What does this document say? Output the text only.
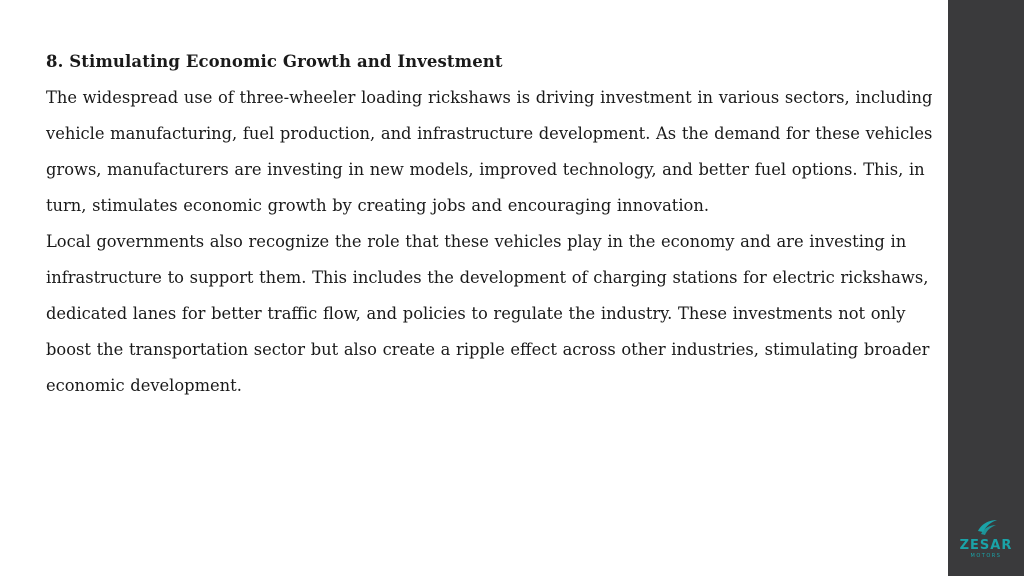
8. Stimulating Economic Growth and Investment

The widespread use of three-wheeler loading rickshaws is driving investment in various sectors, including vehicle manufacturing, fuel production, and infrastructure development. As the demand for these vehicles grows, manufacturers are investing in new models, improved technology, and better fuel options. This, in turn, stimulates economic growth by creating jobs and encouraging innovation.

Local governments also recognize the role that these vehicles play in the economy and are investing in infrastructure to support them. This includes the development of charging stations for electric rickshaws, dedicated lanes for better traffic flow, and policies to regulate the industry. These investments not only boost the transportation sector but also create a ripple effect across other industries, stimulating broader economic development.

ZESAR
MOTORS
